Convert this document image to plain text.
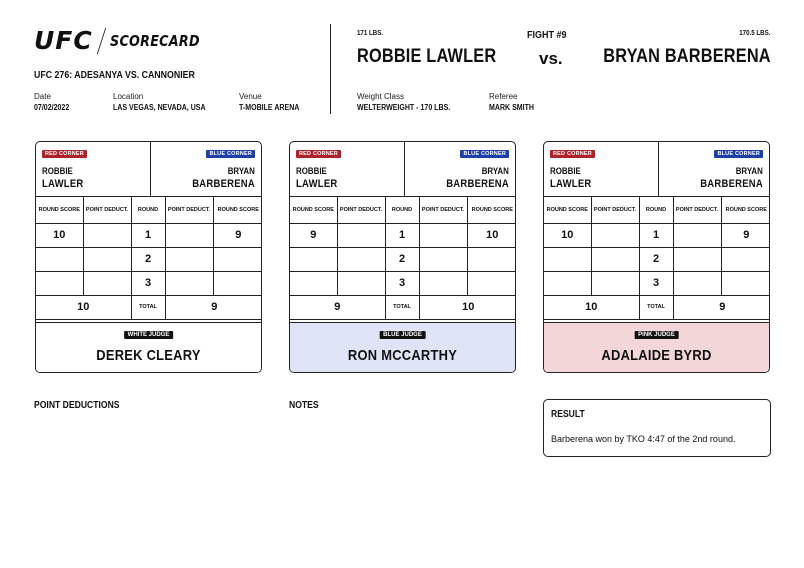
UFC SCORECARD
UFC 276: ADESANYA VS. CANNONIER
Date
07/02/2022
Location
LAS VEGAS, NEVADA, USA
Venue
T-MOBILE ARENA
171 LBS.	FIGHT #9	170.5 LBS.
ROBBIE LAWLER	vs. BRYAN BARBERENA
Weight Class
WELTERWEIGHT - 170 LBS.
Referee
MARK SMITH
RED CORNER
ROBBIE
LAWLER
BLUE CORNER
BRYAN
BARBERENA
ROUND SCORE	POINT DEDUCT.	ROUND	POINT DEDUCT.	ROUND SCORE
10		1		9
		2		
		3		
10		TOTAL	9	
WHITE JUDGE
DEREK CLEARY
RED CORNER
ROBBIE
LAWLER
BLUE CORNER
BRYAN
BARBERENA
ROUND SCORE	POINT DEDUCT.	ROUND	POINT DEDUCT.	ROUND SCORE
9		1		10
		2		
		3		
9		TOTAL	10	
BLUE JUDGE
RON MCCARTHY
RED CORNER
ROBBIE
LAWLER
BLUE CORNER
BRYAN
BARBERENA
ROUND SCORE	POINT DEDUCT.	ROUND	POINT DEDUCT.	ROUND SCORE
10		1		9
		2		
		3		
10		TOTAL	9	
PINK JUDGE
ADALAIDE BYRD
POINT DEDUCTIONS	NOTES
RESULT
Barberena won by TKO 4:47 of the 2nd round.
